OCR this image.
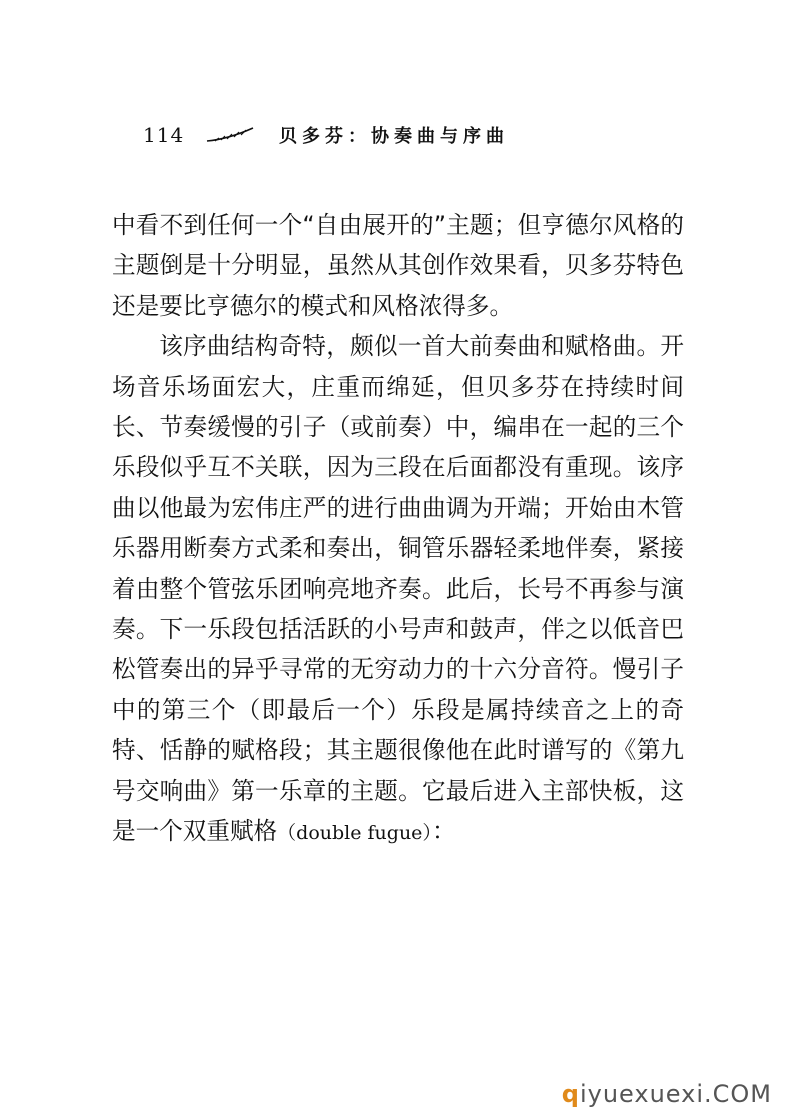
114	贝多芬：协奏曲与序曲

中看不到任何一个“自由展开的”主题；但亨德尔风格的主题倒是十分明显，虽然从其创作效果看，贝多芬特色还是要比亨德尔的模式和风格浓得多。

该序曲结构奇特，颇似一首大前奏曲和赋格曲。开场音乐场面宏大，庄重而绵延，但贝多芬在持续时间长、节奏缓慢的引子（或前奏）中，编串在一起的三个乐段似乎互不关联，因为三段在后面都没有重现。该序曲以他最为宏伟庄严的进行曲曲调为开端；开始由木管乐器用断奏方式柔和奏出，铜管乐器轻柔地伴奏，紧接着由整个管弦乐团响亮地齐奏。此后，长号不再参与演奏。下一乐段包括活跃的小号声和鼓声，伴之以低音巴松管奏出的异乎寻常的无穷动力的十六分音符。慢引子中的第三个（即最后一个）乐段是属持续音之上的奇特、恬静的赋格段；其主题很像他在此时谱写的《第九号交响曲》第一乐章的主题。它最后进入主部快板，这是一个双重赋格（double fugue）：

qiyuexuexi.COM
